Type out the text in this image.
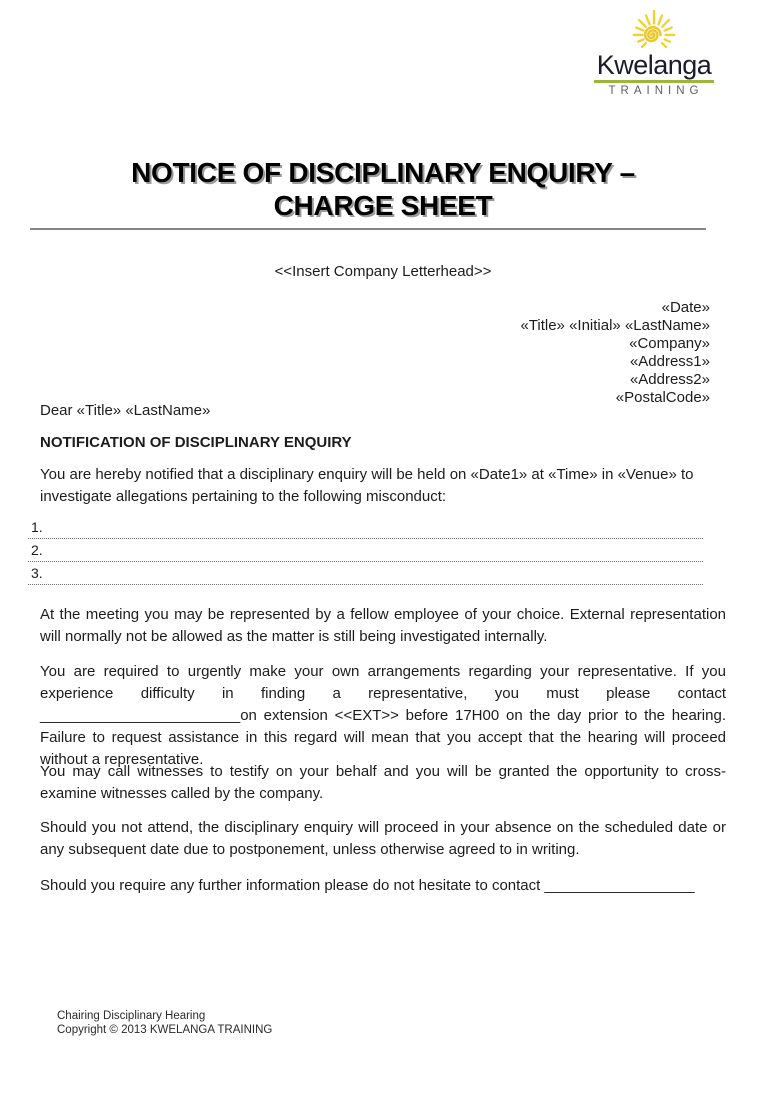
Kwelanga
TRAINING
NOTICE OF DISCIPLINARY ENQUIRY –
CHARGE SHEET
<<Insert Company Letterhead>>
«Date»
«Title» «Initial» «LastName»
«Company»
«Address1»
«Address2»
«PostalCode»
Dear «Title» «LastName»
NOTIFICATION OF DISCIPLINARY ENQUIRY
You are hereby notified that a disciplinary enquiry will be held on «Date1» at «Time» in «Venue» to investigate allegations pertaining to the following misconduct:
1.
2.
3.
At the meeting you may be represented by a fellow employee of your choice. External representation will normally not be allowed as the matter is still being investigated internally.
You are required to urgently make your own arrangements regarding your representative. If you experience difficulty in finding a representative, you must please contact ________________________on extension <<EXT>> before 17H00 on the day prior to the hearing. Failure to request assistance in this regard will mean that you accept that the hearing will proceed without a representative.
You may call witnesses to testify on your behalf and you will be granted the opportunity to cross-examine witnesses called by the company.
Should you not attend, the disciplinary enquiry will proceed in your absence on the scheduled date or any subsequent date due to postponement, unless otherwise agreed to in writing.
Should you require any further information please do not hesitate to contact __________________
Chairing Disciplinary Hearing
Copyright © 2013 KWELANGA TRAINING
